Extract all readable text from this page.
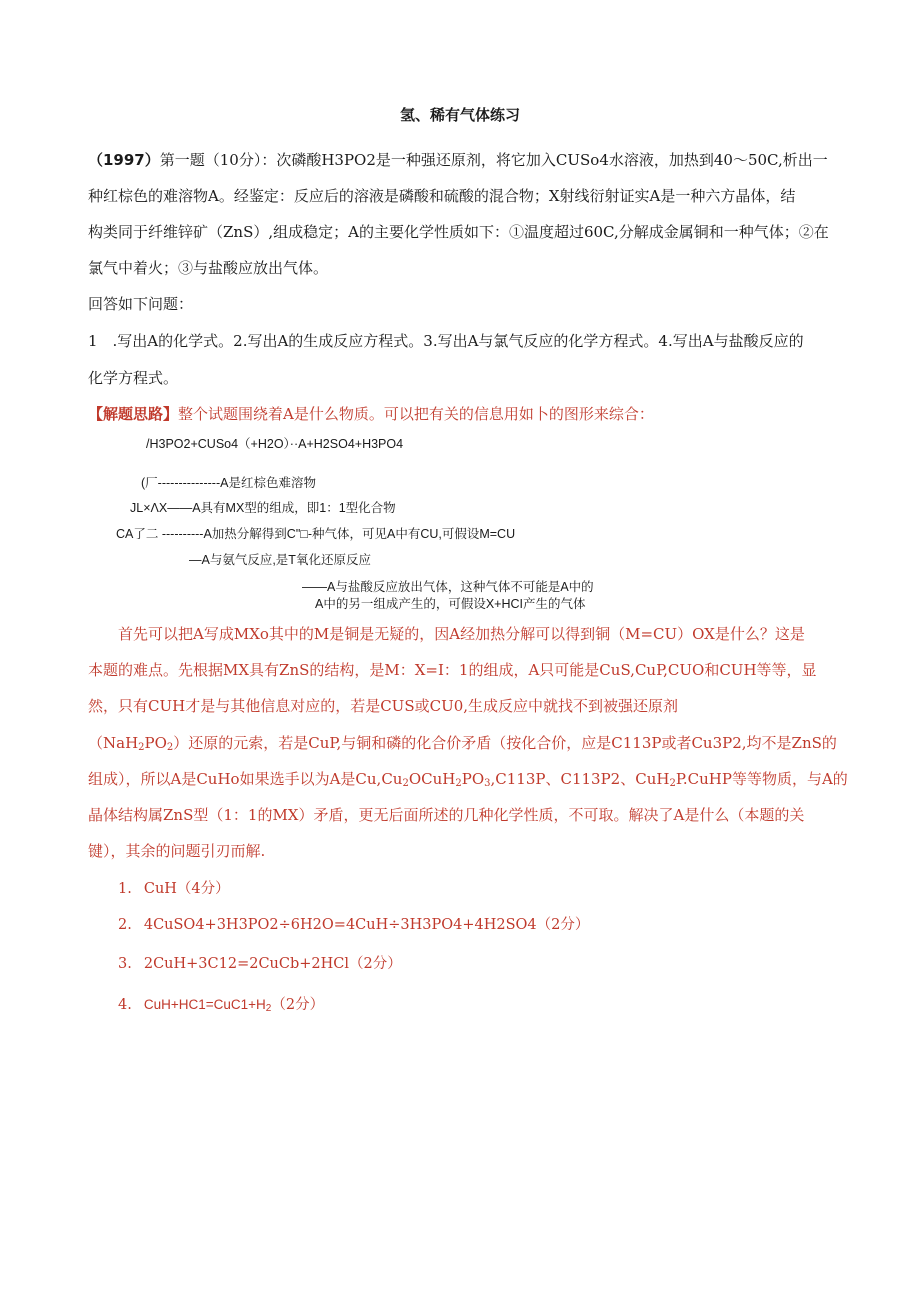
氢、稀有气体练习
（1997）第一题（10分）：次磷酸H3PO2是一种强还原剂，将它加入CUSo4水溶液，加热到40～50C,析出一
种红棕色的难溶物A。经鉴定：反应后的溶液是磷酸和硫酸的混合物；X射线衍射证实A是一种六方晶体，结
构类同于纤维锌矿（ZnS）,组成稳定；A的主要化学性质如下：①温度超过60C,分解成金属铜和一种气体；②在
氯气中着火；③与盐酸应放出气体。
回答如下问题：
1　.写出A的化学式。2.写出A的生成反应方程式。3.写出A与氯气反应的化学方程式。4.写出A与盐酸反应的
化学方程式。
【解题思路】整个试题围绕着A是什么物质。可以把有关的信息用如卜的图形来综合：
/H3PO2+CUSo4（+H2O）··A+H2SO4+H3PO4
(厂---------------A是红棕色难溶物
JL×ΛX——A具有MX型的组成，即1：1型化合物
CA了二 ----------A加热分解得到C"□-种气体，可见A中有CU,可假设M=CU
—A与氨气反应,是T氧化还原反应
——A与盐酸反应放出气体，这种气体不可能是A中的
A中的另一组成产生的，可假设X+HCI产生的气体
首先可以把A写成MXo其中的M是铜是无疑的，因A经加热分解可以得到铜（M=CU）OX是什么？这是
本题的难点。先根据MX具有ZnS的结构，是M：X=I：1的组成，A只可能是CuS,CuP,CUO和CUH等等，显
然，只有CUH才是与其他信息对应的，若是CUS或CU0,生成反应中就找不到被强还原剂
$(NaH_2PO_2)$还原的元索，若是CuP,与铜和磷的化合价矛盾（按化合价，应是C113P或者Cu3P2,均不是ZnS的
组成），所以A是CuHo如果选手以为A是$Cu,Cu_2OCuH_2PO_3,C113P$、C113P2、CuH$_2$P.CuHP等等物质，与A的
晶体结构属ZnS型（1：1的MX）矛盾，更无后面所述的几种化学性质，不可取。解决了A是什么（本题的关
键），其余的问题引刃而解.
1. CuH（4分）
2. 4CuSO4+3H3PO2÷6H2O=4CuH÷3H3PO4+4H2SO4（2分）
3. 2CuH+3C12=2CuCb+2HCl（2分）
4. $CuH+HC1=CuC1+H_2(2$分）
